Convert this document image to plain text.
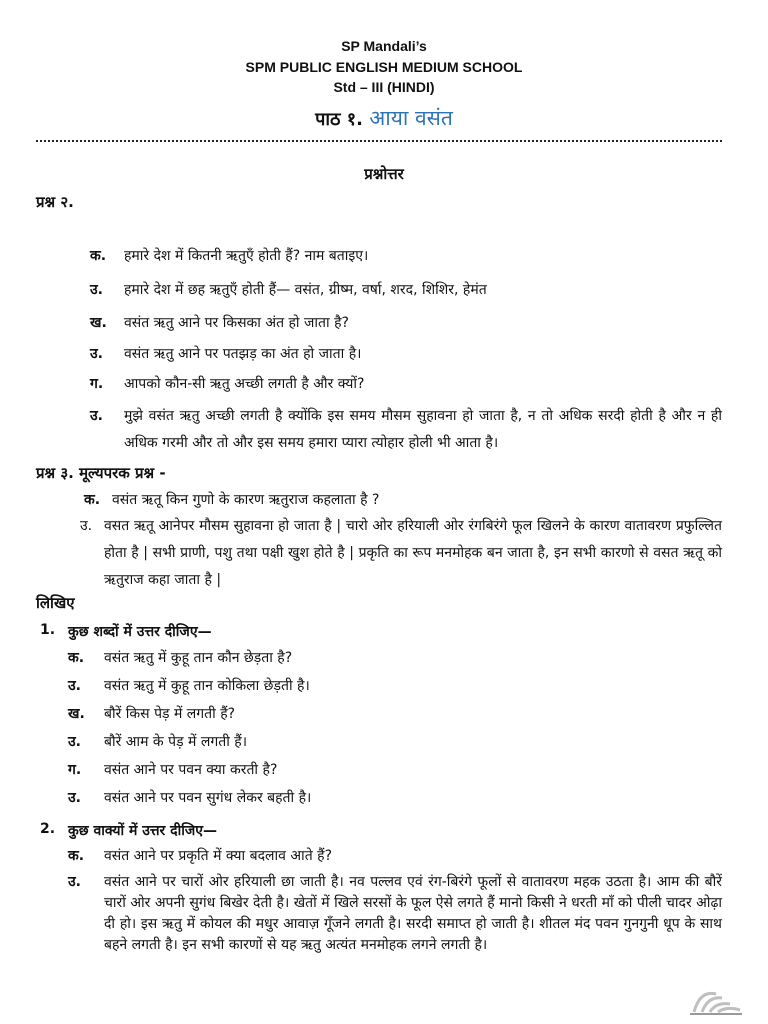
SP Mandali’s
SPM PUBLIC ENGLISH MEDIUM SCHOOL
Std – III (HINDI)
पाठ १. आया वसंत
प्रश्नोत्तर
प्रश्न २.
क.	हमारे देश में कितनी ऋतुएँ होती हैं? नाम बताइए।
उ.	हमारे देश में छह ऋतुएँ होती हैं— वसंत, ग्रीष्म, वर्षा, शरद, शिशिर, हेमंत
ख.	वसंत ऋतु आने पर किसका अंत हो जाता है?
उ.	वसंत ऋतु आने पर पतझड़ का अंत हो जाता है।
ग.	आपको कौन-सी ऋतु अच्छी लगती है और क्यों?
उ.	मुझे वसंत ऋतु अच्छी लगती है क्योंकि इस समय मौसम सुहावना हो जाता है, न तो अधिक सरदी होती है और न ही अधिक गरमी और तो और इस समय हमारा प्यारा त्योहार होली भी आता है।
प्रश्न ३. मूल्यपरक प्रश्न -
क. वसंत ऋतू किन गुणो के कारण ऋतुराज कहलाता है ?
उ. वसत ऋतू आनेपर मौसम सुहावना हो जाता है | चारो ओर हरियाली ओर रंगबिरंगे फूल खिलने के कारण वातावरण प्रफुल्लित होता है | सभी प्राणी, पशु तथा पक्षी खुश होते है | प्रकृति का रूप मनमोहक बन जाता है, इन सभी कारणो से वसत ऋतू को ऋतुराज कहा जाता है |
लिखिए
1. कुछ शब्दों में उत्तर दीजिए—
क.	वसंत ऋतु में कुहू तान कौन छेड़ता है?
उ.	वसंत ऋतु में कुहू तान कोकिला छेड़ती है।
ख.	बौरें किस पेड़ में लगती हैं?
उ.	बौरें आम के पेड़ में लगती हैं।
ग.	वसंत आने पर पवन क्या करती है?
उ.	वसंत आने पर पवन सुगंध लेकर बहती है।
2. कुछ वाक्यों में उत्तर दीजिए—
क.	वसंत आने पर प्रकृति में क्या बदलाव आते हैं?
उ.	वसंत आने पर चारों ओर हरियाली छा जाती है। नव पल्लव एवं रंग-बिरंगे फूलों से वातावरण महक उठता है। आम की बौरें चारों ओर अपनी सुगंध बिखेर देती है। खेतों में खिले सरसों के फूल ऐसे लगते हैं मानो किसी ने धरती माँ को पीली चादर ओढ़ा दी हो। इस ऋतु में कोयल की मधुर आवाज़ गूँजने लगती है। सरदी समाप्त हो जाती है। शीतल मंद पवन गुनगुनी धूप के साथ बहने लगती है। इन सभी कारणों से यह ऋतु अत्यंत मनमोहक लगने लगती है।
